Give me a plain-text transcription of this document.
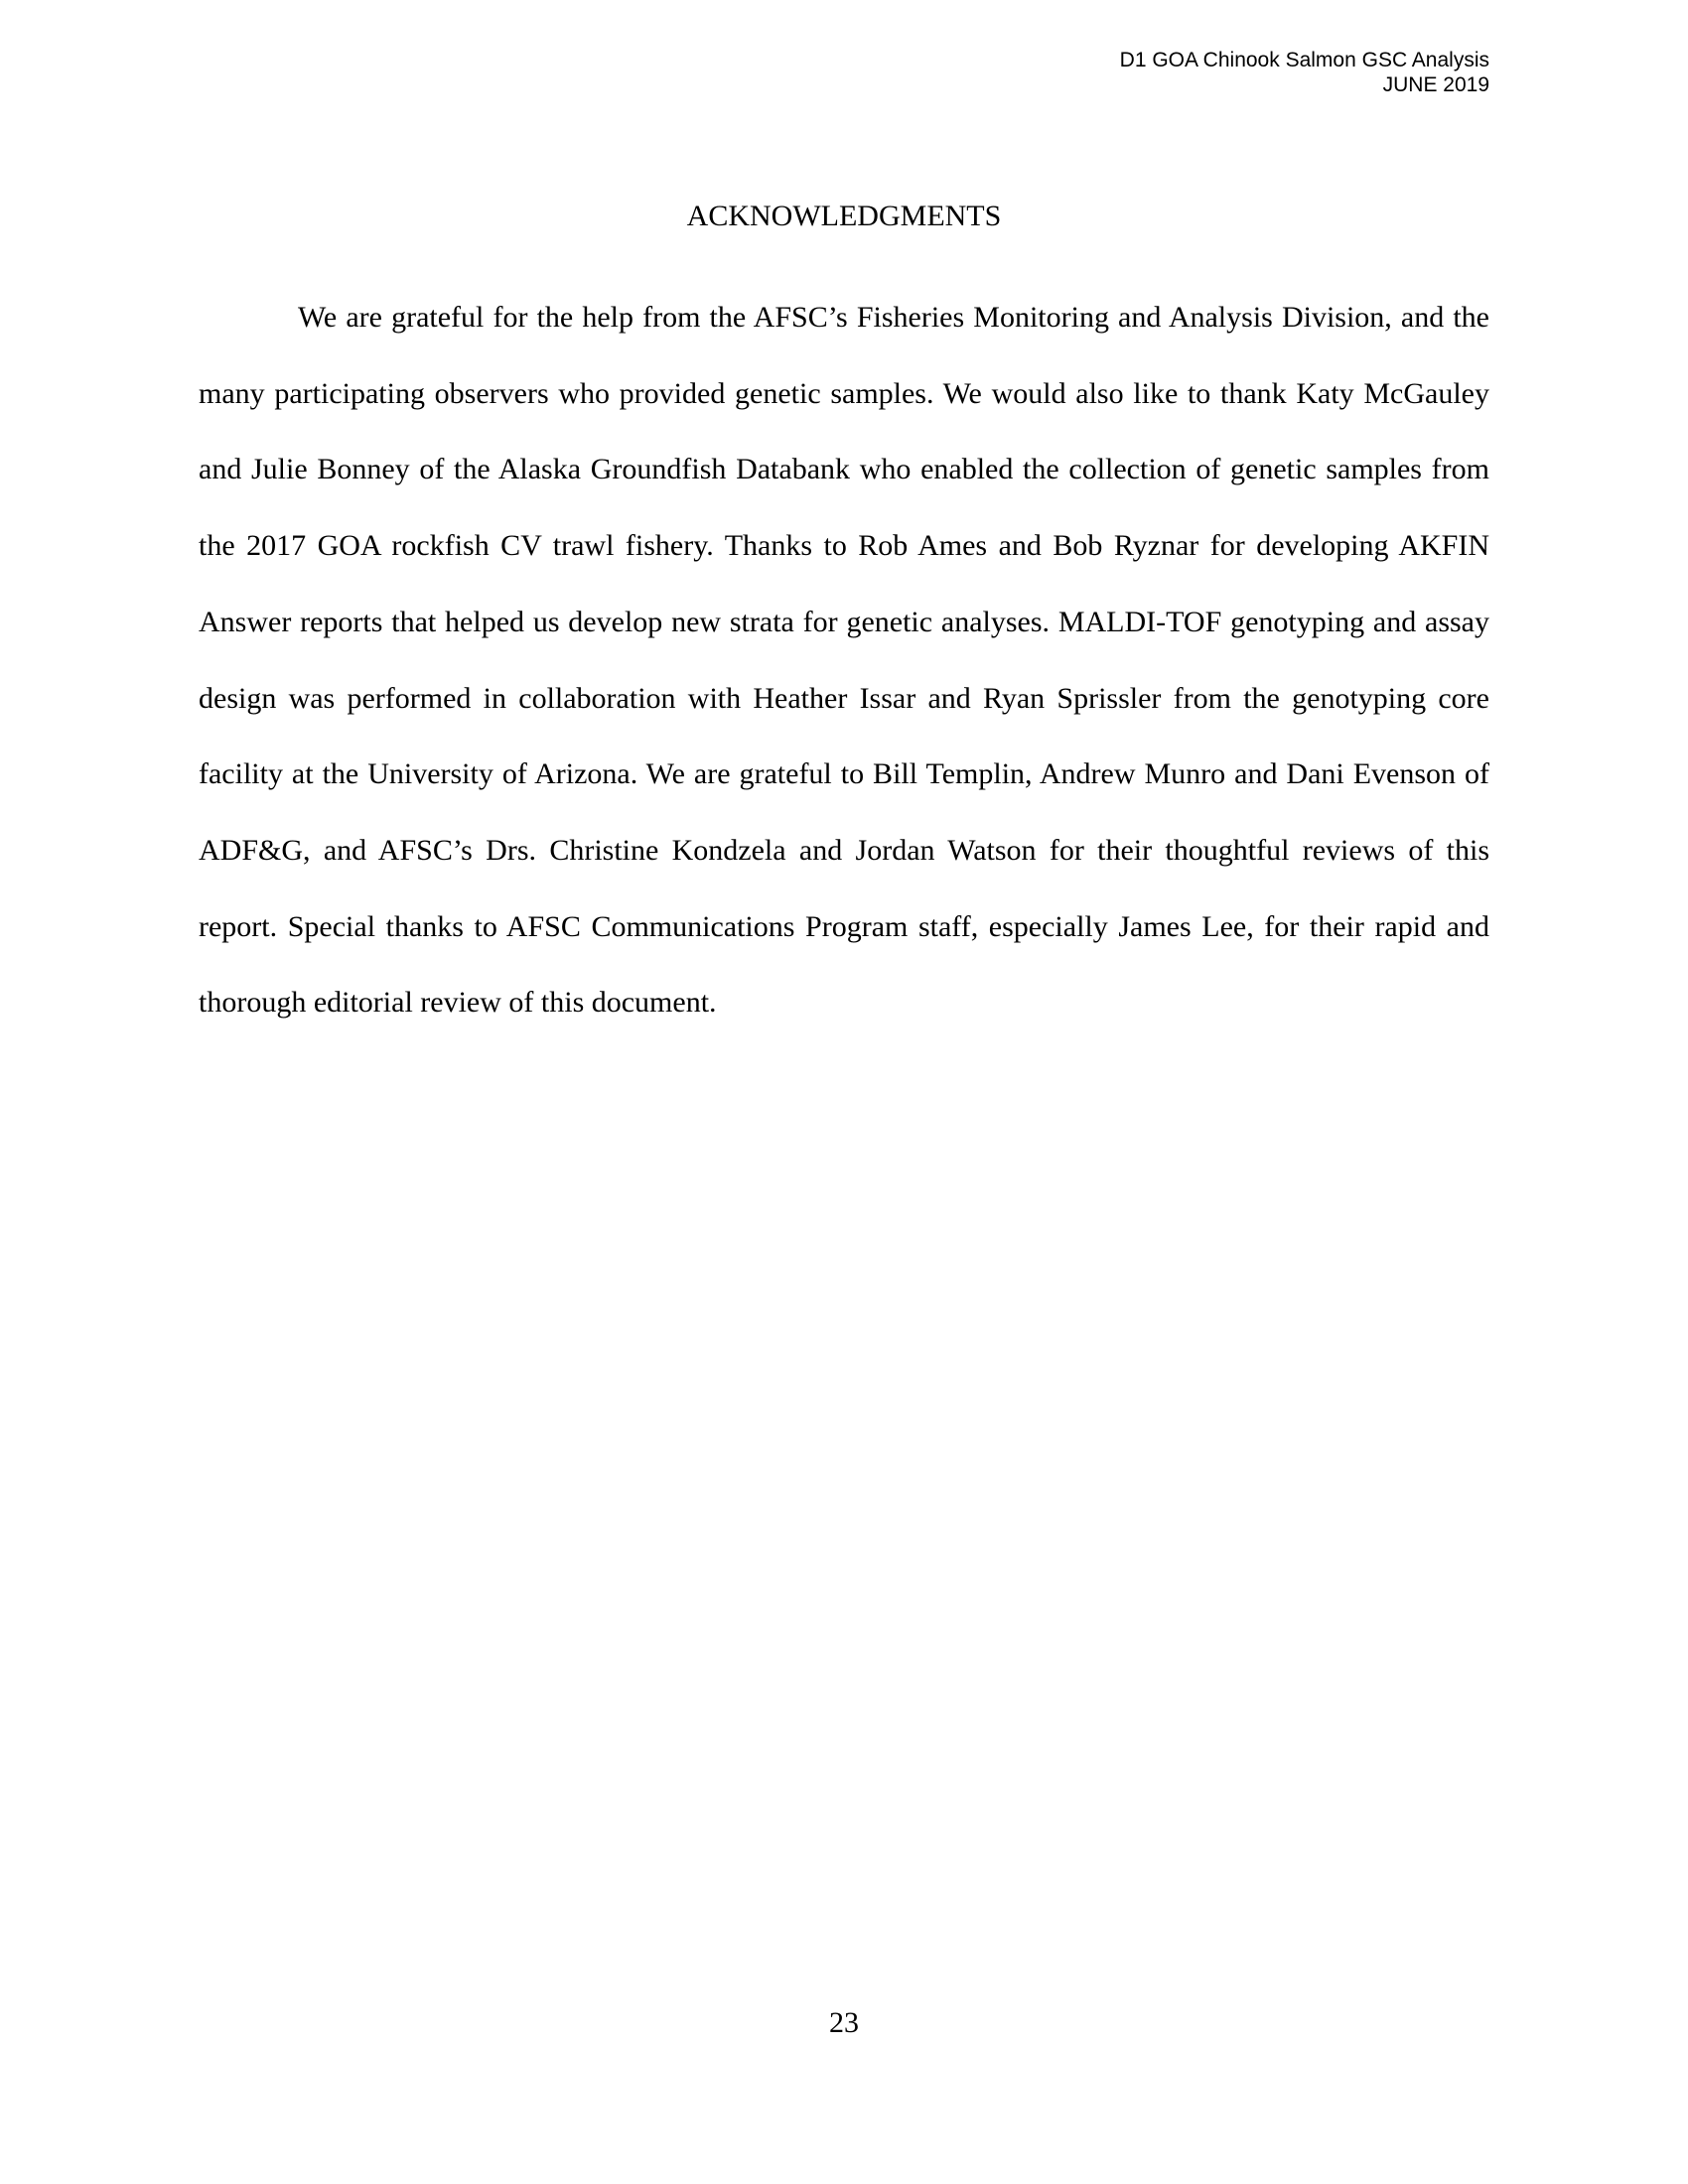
D1 GOA Chinook Salmon GSC Analysis
JUNE 2019
ACKNOWLEDGMENTS

We are grateful for the help from the AFSC’s Fisheries Monitoring and Analysis Division, and the many participating observers who provided genetic samples. We would also like to thank Katy McGauley and Julie Bonney of the Alaska Groundfish Databank who enabled the collection of genetic samples from the 2017 GOA rockfish CV trawl fishery. Thanks to Rob Ames and Bob Ryznar for developing AKFIN Answer reports that helped us develop new strata for genetic analyses. MALDI-TOF genotyping and assay design was performed in collaboration with Heather Issar and Ryan Sprissler from the genotyping core facility at the University of Arizona. We are grateful to Bill Templin, Andrew Munro and Dani Evenson of ADF&G, and AFSC’s Drs. Christine Kondzela and Jordan Watson for their thoughtful reviews of this report. Special thanks to AFSC Communications Program staff, especially James Lee, for their rapid and thorough editorial review of this document.

23
